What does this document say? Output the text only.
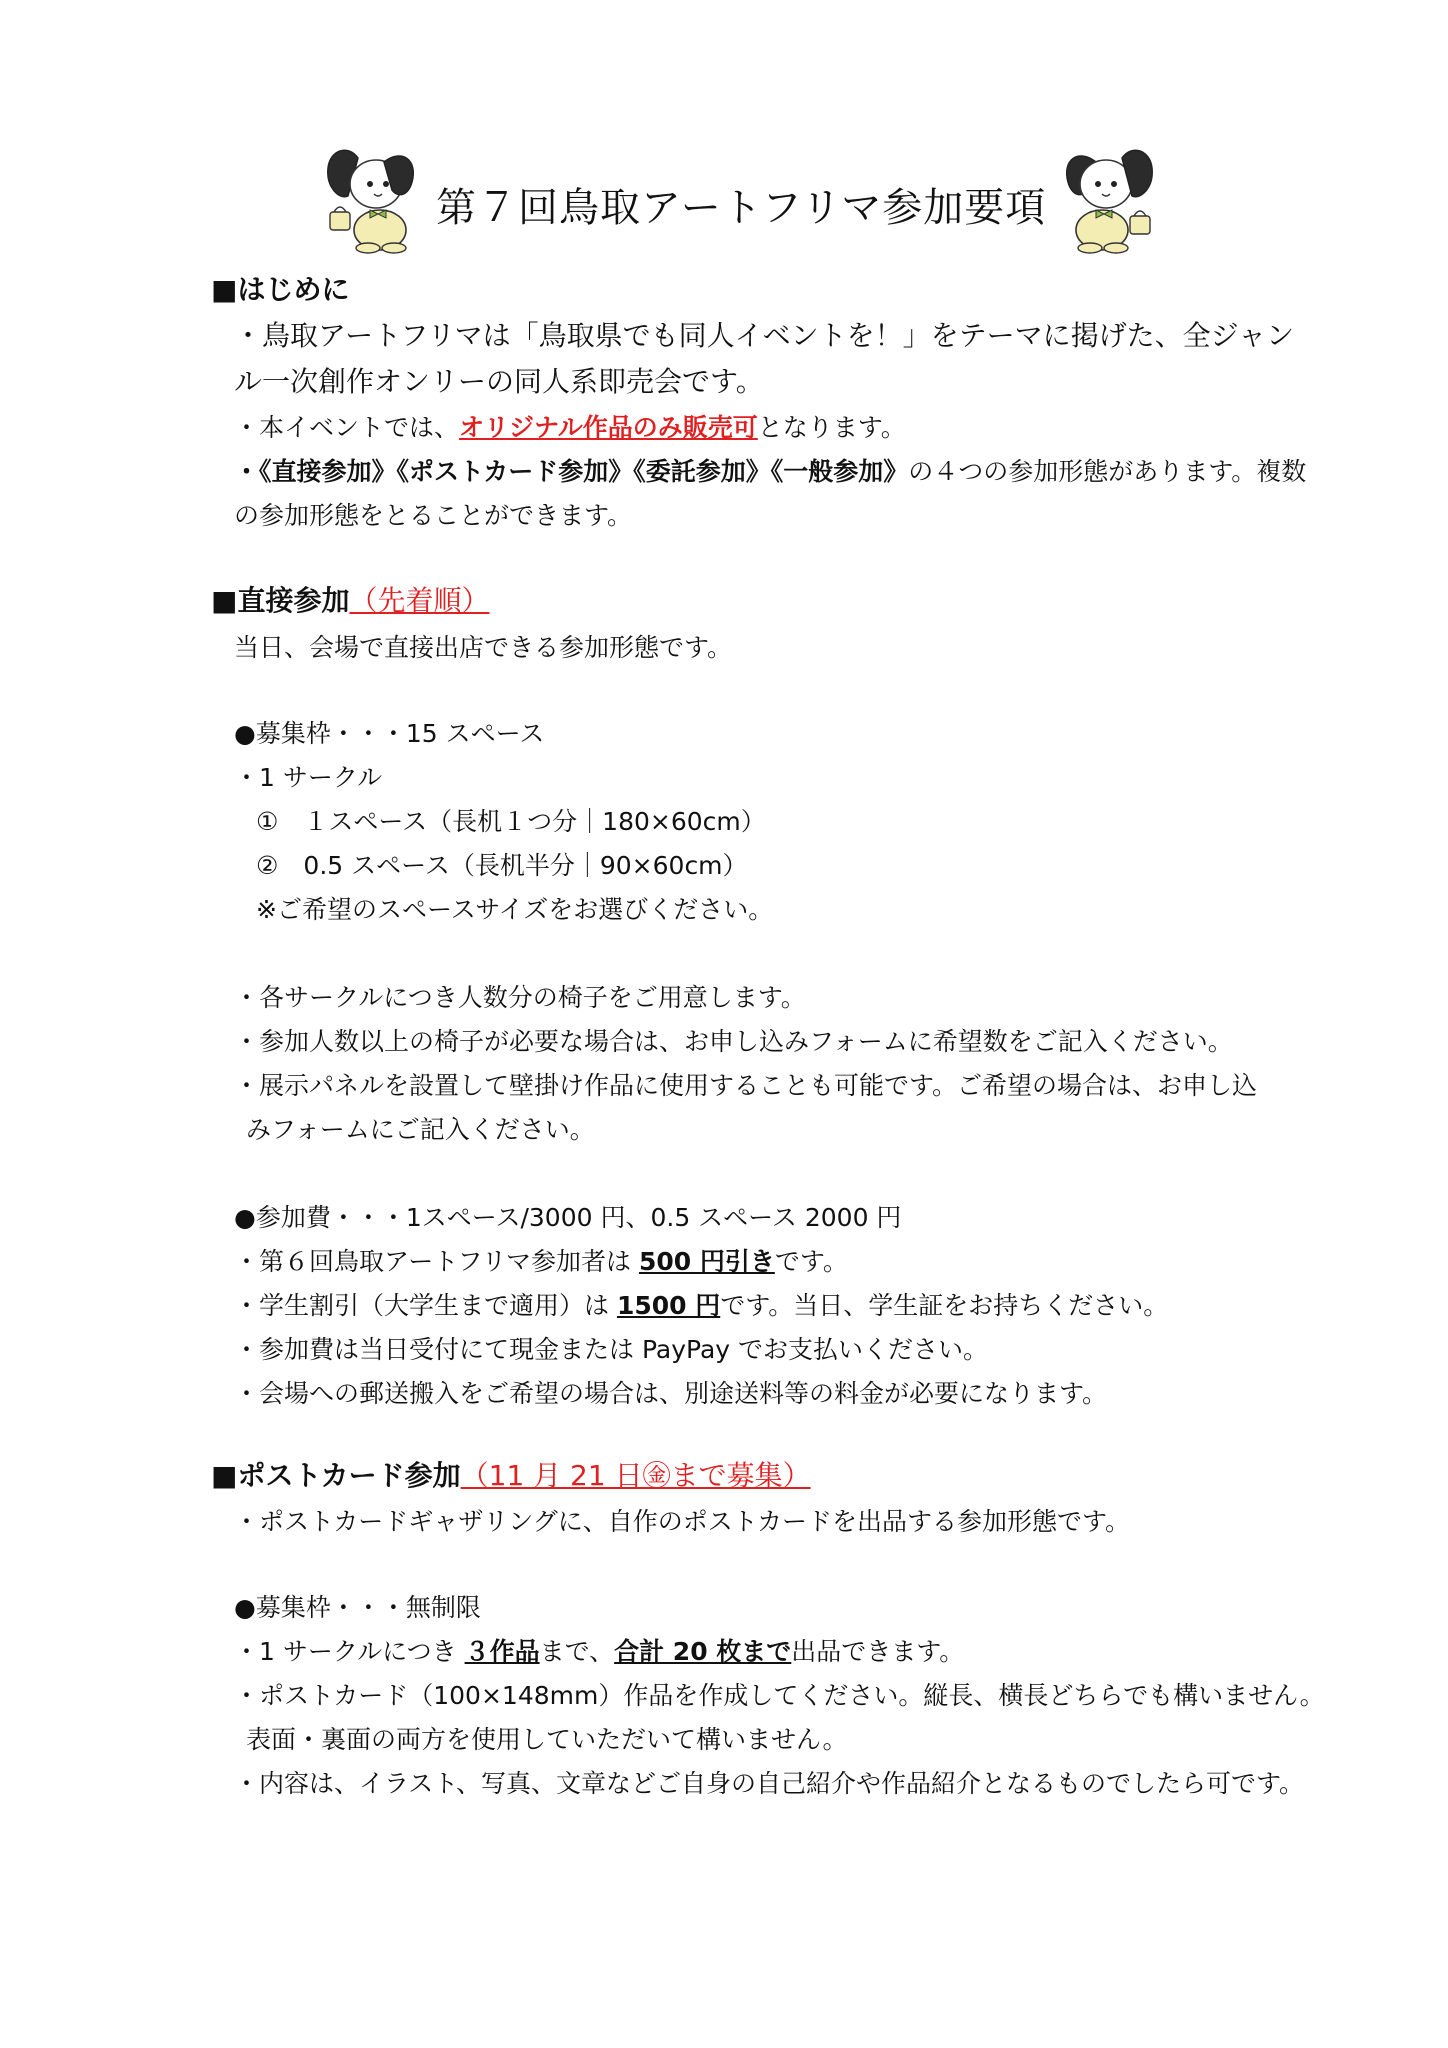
第７回鳥取アートフリマ参加要項
■はじめに
・鳥取アートフリマは「鳥取県でも同人イベントを！」をテーマに掲げた、全ジャン
ル一次創作オンリーの同人系即売会です。
・本イベントでは、オリジナル作品のみ販売可となります。
・《直接参加》《ポストカード参加》《委託参加》《一般参加》の４つの参加形態があります。複数
の参加形態をとることができます。
■直接参加（先着順）
当日、会場で直接出店できる参加形態です。
●募集枠・・・15 スペース
・1 サークル
①　１スペース（長机１つ分｜180×60cm）
②　0.5 スペース（長机半分｜90×60cm）
※ご希望のスペースサイズをお選びください。
・各サークルにつき人数分の椅子をご用意します。
・参加人数以上の椅子が必要な場合は、お申し込みフォームに希望数をご記入ください。
・展示パネルを設置して壁掛け作品に使用することも可能です。ご希望の場合は、お申し込
みフォームにご記入ください。
●参加費・・・1スペース/3000 円、0.5 スペース 2000 円
・第６回鳥取アートフリマ参加者は 500 円引きです。
・学生割引（大学生まで適用）は 1500 円です。当日、学生証をお持ちください。
・参加費は当日受付にて現金または PayPay でお支払いください。
・会場への郵送搬入をご希望の場合は、別途送料等の料金が必要になります。
■ポストカード参加（11 月 21 日㊎まで募集）
・ポストカードギャザリングに、自作のポストカードを出品する参加形態です。
●募集枠・・・無制限
・1 サークルにつき ３作品まで、合計 20 枚まで出品できます。
・ポストカード（100×148mm）作品を作成してください。縦長、横長どちらでも構いません。
表面・裏面の両方を使用していただいて構いません。
・内容は、イラスト、写真、文章などご自身の自己紹介や作品紹介となるものでしたら可です。
